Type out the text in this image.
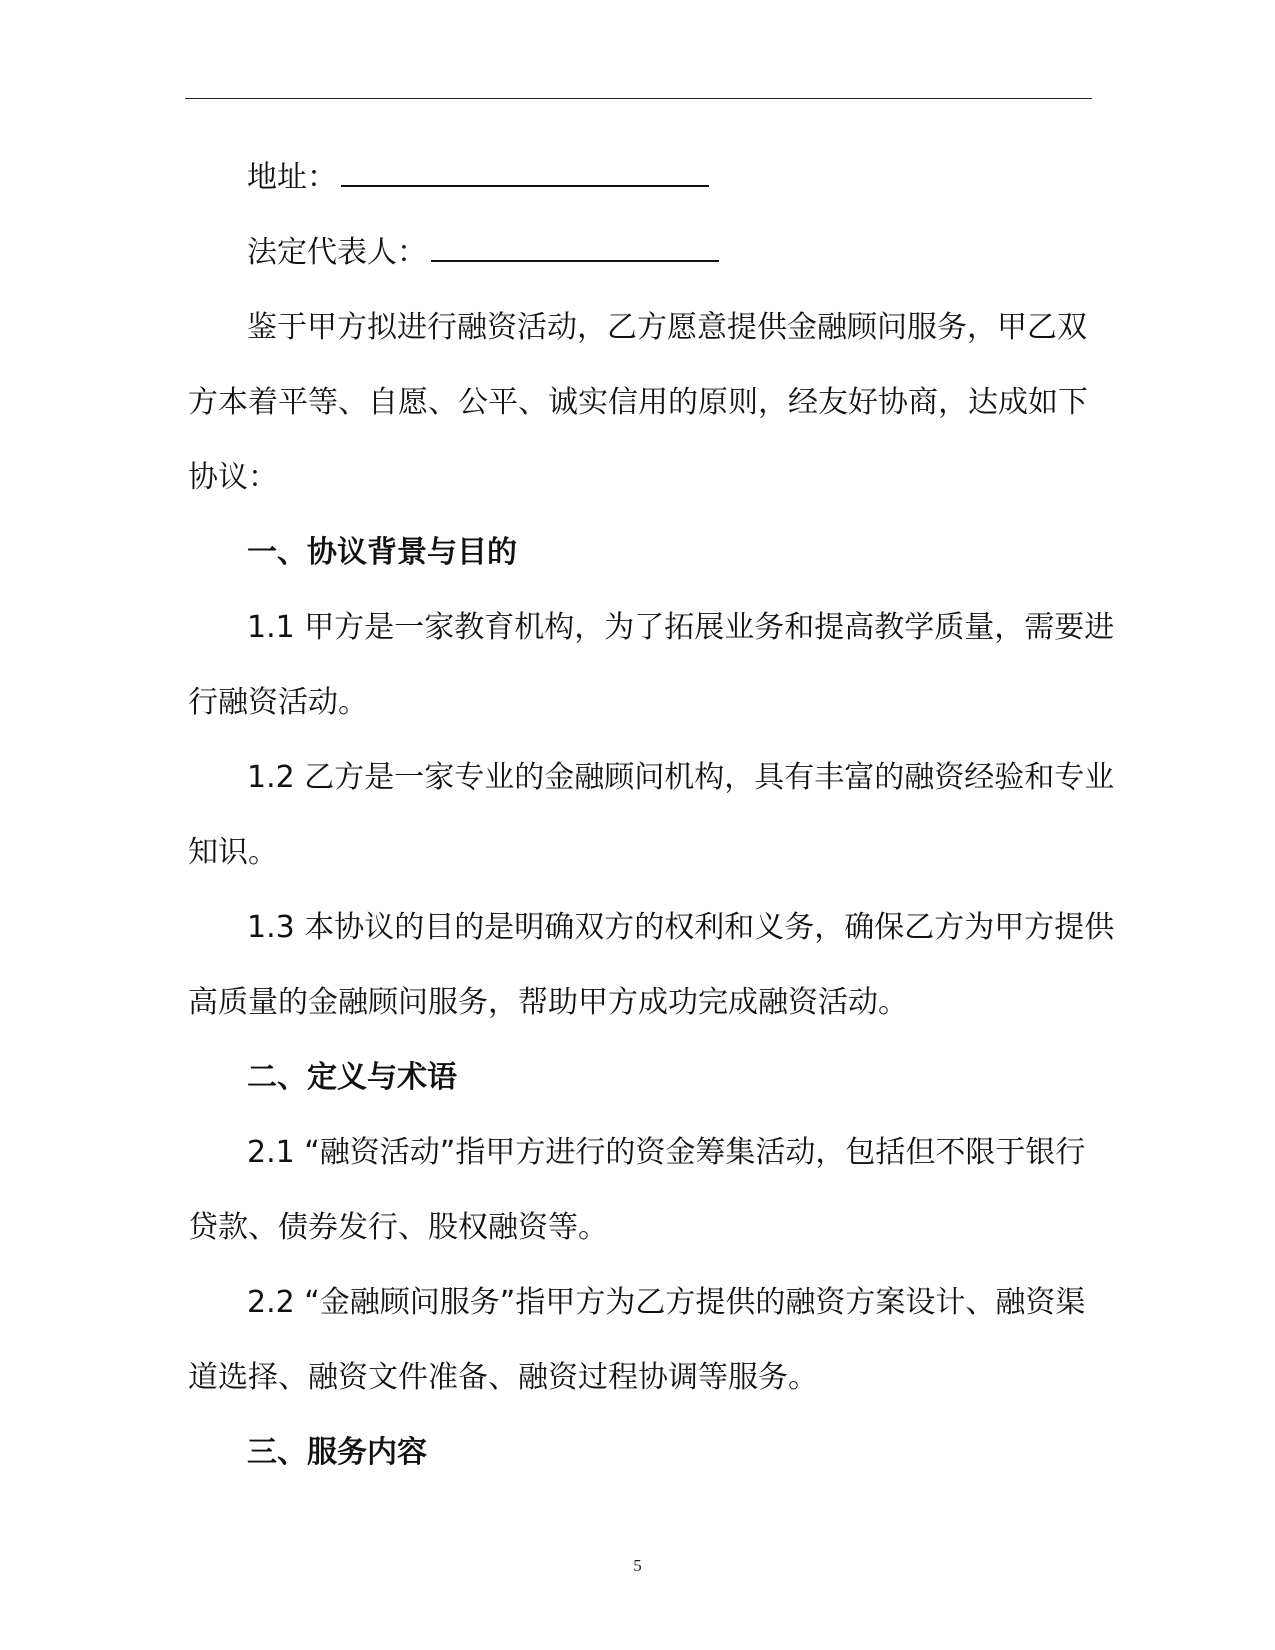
地址：
法定代表人：
鉴于甲方拟进行融资活动，乙方愿意提供金融顾问服务，甲乙双
方本着平等、自愿、公平、诚实信用的原则，经友好协商，达成如下
协议：
一、协议背景与目的
1.1 甲方是一家教育机构，为了拓展业务和提高教学质量，需要进
行融资活动。
1.2 乙方是一家专业的金融顾问机构，具有丰富的融资经验和专业
知识。
1.3 本协议的目的是明确双方的权利和义务，确保乙方为甲方提供
高质量的金融顾问服务，帮助甲方成功完成融资活动。
二、定义与术语
2.1 “融资活动”指甲方进行的资金筹集活动，包括但不限于银行
贷款、债券发行、股权融资等。
2.2 “金融顾问服务”指甲方为乙方提供的融资方案设计、融资渠
道选择、融资文件准备、融资过程协调等服务。
三、服务内容
5
